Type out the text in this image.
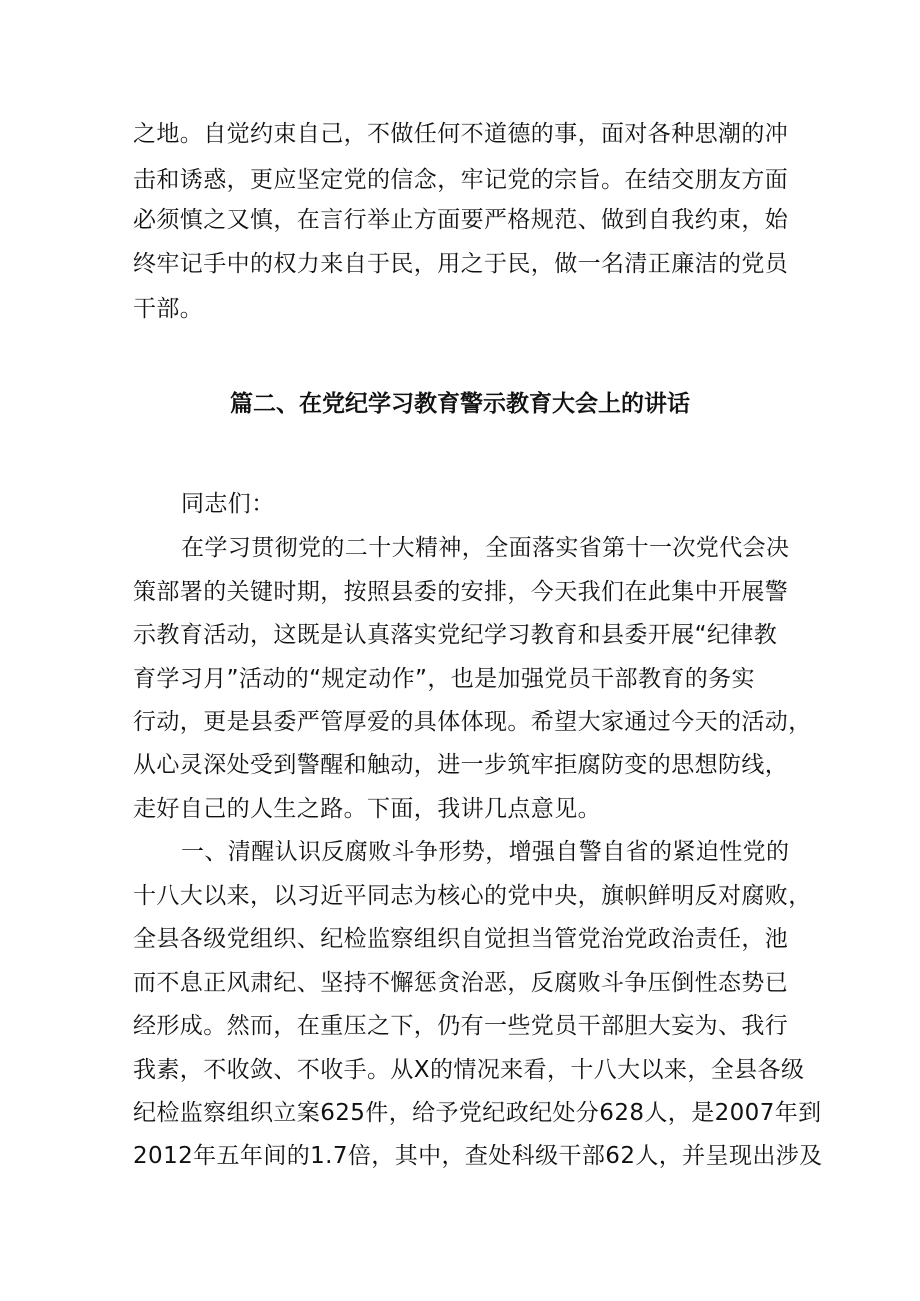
之地。自觉约束自己，不做任何不道德的事，面对各种思潮的冲

击和诱惑，更应坚定党的信念，牢记党的宗旨。在结交朋友方面

必须慎之又慎，在言行举止方面要严格规范、做到自我约束，始

终牢记手中的权力来自于民，用之于民，做一名清正廉洁的党员

干部。

篇二、在党纪学习教育警示教育大会上的讲话

同志们：

在学习贯彻党的二十大精神，全面落实省第十一次党代会决

策部署的关键时期，按照县委的安排，今天我们在此集中开展警

示教育活动，这既是认真落实党纪学习教育和县委开展“纪律教

育学习月”活动的“规定动作”，也是加强党员干部教育的务实

行动，更是县委严管厚爱的具体体现。希望大家通过今天的活动，

从心灵深处受到警醒和触动，进一步筑牢拒腐防变的思想防线，

走好自己的人生之路。下面，我讲几点意见。

一、清醒认识反腐败斗争形势，增强自警自省的紧迫性党的

十八大以来，以习近平同志为核心的党中央，旗帜鲜明反对腐败，

全县各级党组织、纪检监察组织自觉担当管党治党政治责任，池

而不息正风肃纪、坚持不懈惩贪治恶，反腐败斗争压倒性态势已

经形成。然而，在重压之下，仍有一些党员干部胆大妄为、我行

我素，不收敛、不收手。从X的情况来看，十八大以来，全县各级

纪检监察组织立案625件，给予党纪政纪处分628人，是2007年到

2012年五年间的1.7倍，其中，查处科级干部62人，并呈现出涉及
